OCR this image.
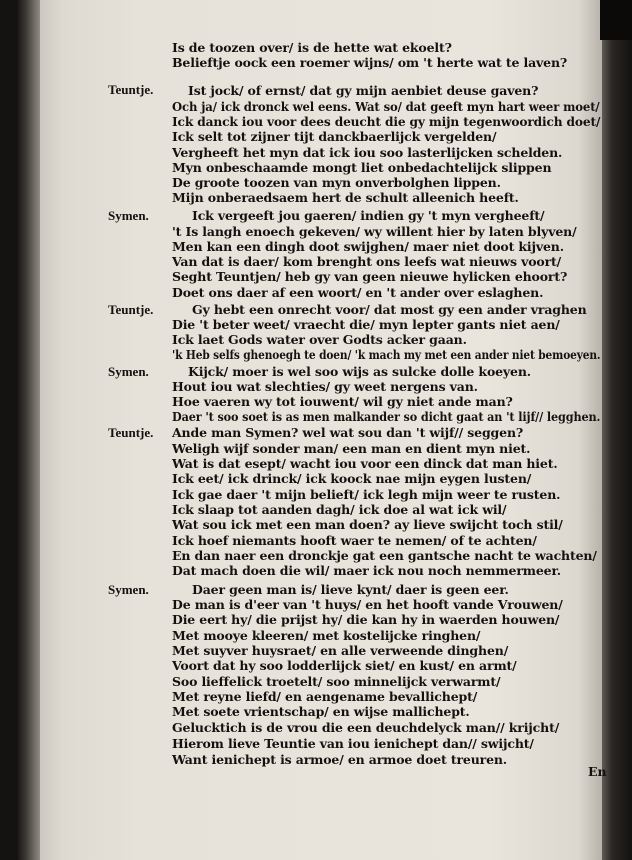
Teuntje.
Symen.
Teuntje.
Symen.
Teuntje.
Symen.
Is de toozen over/ is de hette wat ekoelt?
Belieftje oock een roemer wijns/ om 't herte wat te laven?
Ist jock/ of ernst/ dat gy mijn aenbiet deuse gaven?
Och ja/ ick dronck wel eens. Wat so/ dat geeft myn hart weer moet/
Ick danck iou voor dees deucht die gy mijn tegenwoordich doet/
Ick selt tot zijner tijt danckbaerlijck vergelden/
Vergheeft het myn dat ick iou soo lasterlijcken schelden.
Myn onbeschaamde mongt liet onbedachtelijck slippen
De groote toozen van myn onverbolghen lippen.
Mijn onberaedsaem hert de schult alleenich heeft.
Ick vergeeft jou gaeren/ indien gy 't myn vergheeft/
't Is langh enoech gekeven/ wy willent hier by laten blyven/
Men kan een dingh doot swijghen/ maer niet doot kijven.
Van dat is daer/ kom brenght ons leefs wat nieuws voort/
Seght Teuntjen/ heb gy van geen nieuwe hylicken ehoort?
Doet ons daer af een woort/ en 't ander over eslaghen.
Gy hebt een onrecht voor/ dat most gy een ander vraghen
Die 't beter weet/ vraecht die/ myn lepter gants niet aen/
Ick laet Gods water over Godts acker gaan.
'k Heb selfs ghenoegh te doen/ 'k mach my met een ander niet bemoeyen.
Kijck/ moer is wel soo wijs as sulcke dolle koeyen.
Hout iou wat slechties/ gy weet nergens van.
Hoe vaeren wy tot iouwent/ wil gy niet ande man?
Daer 't soo soet is as men malkander so dicht gaat an 't lijf// legghen.
Ande man Symen? wel wat sou dan 't wijf// seggen?
Weligh wijf sonder man/ een man en dient myn niet.
Wat is dat esept/ wacht iou voor een dinck dat man hiet.
Ick eet/ ick drinck/ ick koock nae mijn eygen lusten/
Ick gae daer 't mijn belieft/ ick legh mijn weer te rusten.
Ick slaap tot aanden dagh/ ick doe al wat ick wil/
Wat sou ick met een man doen? ay lieve swijcht toch stil/
Ick hoef niemants hooft waer te nemen/ of te achten/
En dan naer een dronckje gat een gantsche nacht te wachten/
Dat mach doen die wil/ maer ick nou noch nemmermeer.
Daer geen man is/ lieve kynt/ daer is geen eer.
De man is d'eer van 't huys/ en het hooft vande Vrouwen/
Die eert hy/ die prijst hy/ die kan hy in waerden houwen/
Met mooye kleeren/ met kostelijcke ringhen/
Met suyver huysraet/ en alle verweende dinghen/
Voort dat hy soo lodderlijck siet/ en kust/ en armt/
Soo lieffelick troetelt/ soo minnelijck verwarmt/
Met reyne liefd/ en aengename bevallichept/
Met soete vrientschap/ en wijse mallichept.
Gelucktich is de vrou die een deuchdelyck man// krijcht/
Hierom lieve Teuntie van iou ienichept dan// swijcht/
Want ienichept is armoe/ en armoe doet treuren.
En
